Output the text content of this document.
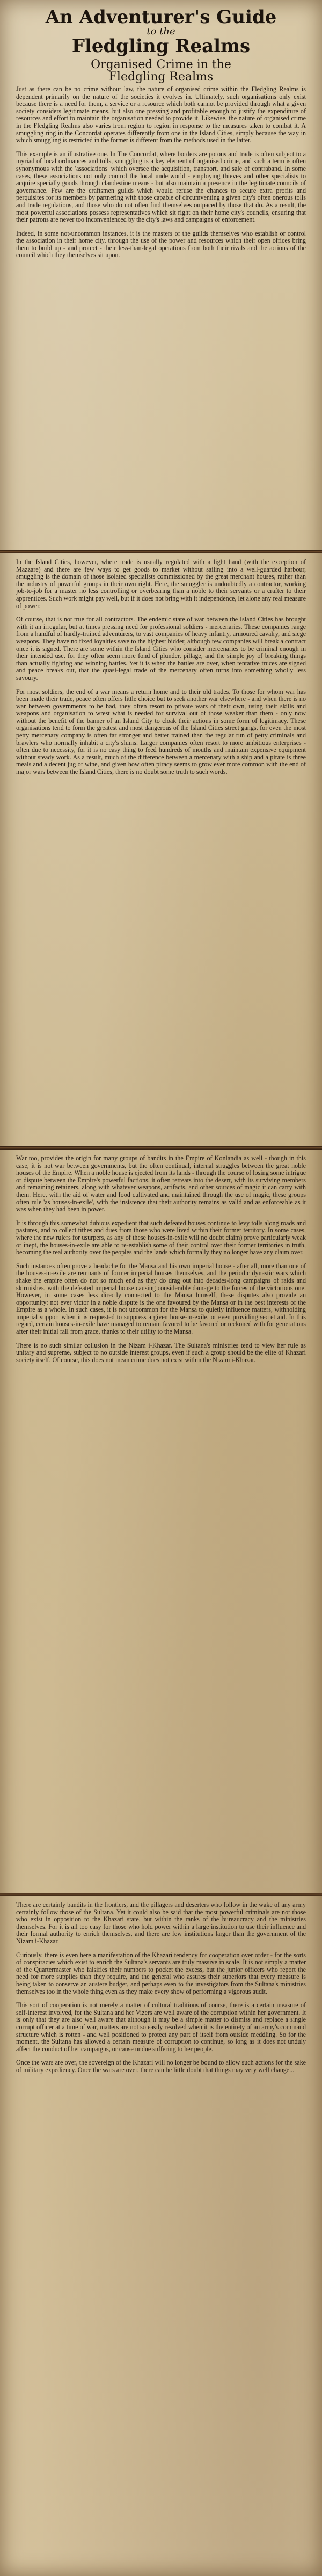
An Adventurer's Guide
to the
Fledgling Realms
Organised Crime in the
Fledgling Realms

Just as there can be no crime without law, the nature of organised crime within the Fledgling Realms is dependent primarily on the nature of the societies it evolves in. Ultimately, such organisations only exist because there is a need for them, a service or a resource which both cannot be provided through what a given society considers legitimate means, but also one pressing and profitable enough to justify the expenditure of resources and effort to maintain the organisation needed to provide it. Likewise, the nature of organised crime in the Fledgling Realms also varies from region to region in response to the measures taken to combat it. A smuggling ring in the Concordat operates differently from one in the Island Cities, simply because the way in which smuggling is restricted in the former is different from the methods used in the latter.

This example is an illustrative one. In The Concordat, where borders are porous and trade is often subject to a myriad of local ordinances and tolls, smuggling is a key element of organised crime, and such a term is often synonymous with the 'associations' which oversee the acquisition, transport, and sale of contraband. In some cases, these associations not only control the local underworld - employing thieves and other specialists to acquire specially goods through clandestine means - but also maintain a presence in the legitimate councils of governance. Few are the craftsmen guilds which would refuse the chances to secure extra profits and perquisites for its members by partnering with those capable of circumventing a given city's often onerous tolls and trade regulations, and those who do not often find themselves outpaced by those that do. As a result, the most powerful associations possess representatives which sit right on their home city's councils, ensuring that their patrons are never too inconvenienced by the city's laws and campaigns of enforcement.

Indeed, in some not-uncommon instances, it is the masters of the guilds themselves who establish or control the association in their home city, through the use of the power and resources which their open offices bring them to build up - and protect - their less-than-legal operations from both their rivals and the actions of the council which they themselves sit upon.

In the Island Cities, however, where trade is usually regulated with a light hand (with the exception of Mazzare) and there are few ways to get goods to market without sailing into a well-guarded harbour, smuggling is the domain of those isolated specialists commissioned by the great merchant houses, rather than the industry of powerful groups in their own right. Here, the smuggler is undoubtedly a contractor, working job-to-job for a master no less controlling or overbearing than a noble to their servants or a crafter to their apprentices. Such work might pay well, but if it does not bring with it independence, let alone any real measure of power.

Of course, that is not true for all contractors. The endemic state of war between the Island Cities has brought with it an irregular, but at times pressing need for professional soldiers - mercenaries. These companies range from a handful of hardly-trained adventurers, to vast companies of heavy infantry, armoured cavalry, and siege weapons. They have no fixed loyalties save to the highest bidder, although few companies will break a contract once it is signed. There are some within the Island Cities who consider mercenaries to be criminal enough in their intended use, for they often seem more fond of plunder, pillage, and the simple joy of breaking things than actually fighting and winning battles. Yet it is when the battles are over, when tentative truces are signed and peace breaks out, that the quasi-legal trade of the mercenary often turns into something wholly less savoury.

For most soldiers, the end of a war means a return home and to their old trades. To those for whom war has been made their trade, peace often offers little choice but to seek another war elsewhere - and when there is no war between governments to be had, they often resort to private wars of their own, using their skills and weapons and organisation to wrest what is needed for survival out of those weaker than them - only now without the benefit of the banner of an Island City to cloak their actions in some form of legitimacy. These organisations tend to form the greatest and most dangerous of the Island Cities street gangs, for even the most petty mercenary company is often far stronger and better trained than the regular run of petty criminals and brawlers who normally inhabit a city's slums. Larger companies often resort to more ambitious enterprises - often due to necessity, for it is no easy thing to feed hundreds of mouths and maintain expensive equipment without steady work. As a result, much of the difference between a mercenary with a ship and a pirate is three meals and a decent jug of wine, and given how often piracy seems to grow ever more common with the end of major wars between the Island Cities, there is no doubt some truth to such words.

War too, provides the origin for many groups of bandits in the Empire of Konlandia as well - though in this case, it is not war between governments, but the often continual, internal struggles between the great noble houses of the Empire. When a noble house is ejected from its lands - through the course of losing some intrigue or dispute between the Empire's powerful factions, it often retreats into the desert, with its surviving members and remaining retainers, along with whatever weapons, artifacts, and other sources of magic it can carry with them. Here, with the aid of water and food cultivated and maintained through the use of magic, these groups often rule 'as houses-in-exile', with the insistence that their authority remains as valid and as enforceable as it was when they had been in power.

It is through this somewhat dubious expedient that such defeated houses continue to levy tolls along roads and pastures, and to collect tithes and dues from those who were lived within their former territory. In some cases, where the new rulers for usurpers, as any of these houses-in-exile will no doubt claim) prove particularly weak or inept, the houses-in-exile are able to re-establish some of their control over their former territories in truth, becoming the real authority over the peoples and the lands which formally they no longer have any claim over.

Such instances often prove a headache for the Mansa and his own imperial house - after all, more than one of the houses-in-exile are remnants of former imperial houses themselves, and the periodic dynastic wars which shake the empire often do not so much end as they do drag out into decades-long campaigns of raids and skirmishes, with the defeated imperial house causing considerable damage to the forces of the victorious one. However, in some cases less directly connected to the Mansa himself, these disputes also provide an opportunity: not ever victor in a noble dispute is the one favoured by the Mansa or in the best interests of the Empire as a whole. In such cases, it is not uncommon for the Mansa to quietly influence matters, withholding imperial support when it is requested to suppress a given house-in-exile, or even providing secret aid. In this regard, certain houses-in-exile have managed to remain favored to be favored or reckoned with for generations after their initial fall from grace, thanks to their utility to the Mansa.

There is no such similar collusion in the Nizam i-Khazar. The Sultana's ministries tend to view her rule as unitary and supreme, subject to no outside interest groups, even if such a group should be the elite of Khazari society itself. Of course, this does not mean crime does not exist within the Nizam i-Khazar.

There are certainly bandits in the frontiers, and the pillagers and deserters who follow in the wake of any army certainly follow those of the Sultana. Yet it could also be said that the most powerful criminals are not those who exist in opposition to the Khazari state, but within the ranks of the bureaucracy and the ministries themselves. For it is all too easy for those who hold power within a large institution to use their influence and their formal authority to enrich themselves, and there are few institutions larger than the government of the Nizam i-Khazar.

Curiously, there is even here a manifestation of the Khazari tendency for cooperation over order - for the sorts of conspiracies which exist to enrich the Sultana's servants are truly massive in scale. It is not simply a matter of the Quartermaster who falsifies their numbers to pocket the excess, but the junior officers who report the need for more supplies than they require, and the general who assures their superiors that every measure is being taken to conserve an austere budget, and perhaps even to the investigators from the Sultana's ministries themselves too in the whole thing even as they make every show of performing a vigorous audit.

This sort of cooperation is not merely a matter of cultural traditions of course, there is a certain measure of self-interest involved, for the Sultana and her Vizers are well aware of the corruption within her government. It is only that they are also well aware that although it may be a simple matter to dismiss and replace a single corrupt officer at a time of war, matters are not so easily resolved when it is the entirety of an army's command structure which is rotten - and well positioned to protect any part of itself from outside meddling. So for the moment, the Sultana has allowed a certain measure of corruption to continue, so long as it does not unduly affect the conduct of her campaigns, or cause undue suffering to her people.

Once the wars are over, the sovereign of the Khazari will no longer be bound to allow such actions for the sake of military expediency. Once the wars are over, there can be little doubt that things may very well change...
